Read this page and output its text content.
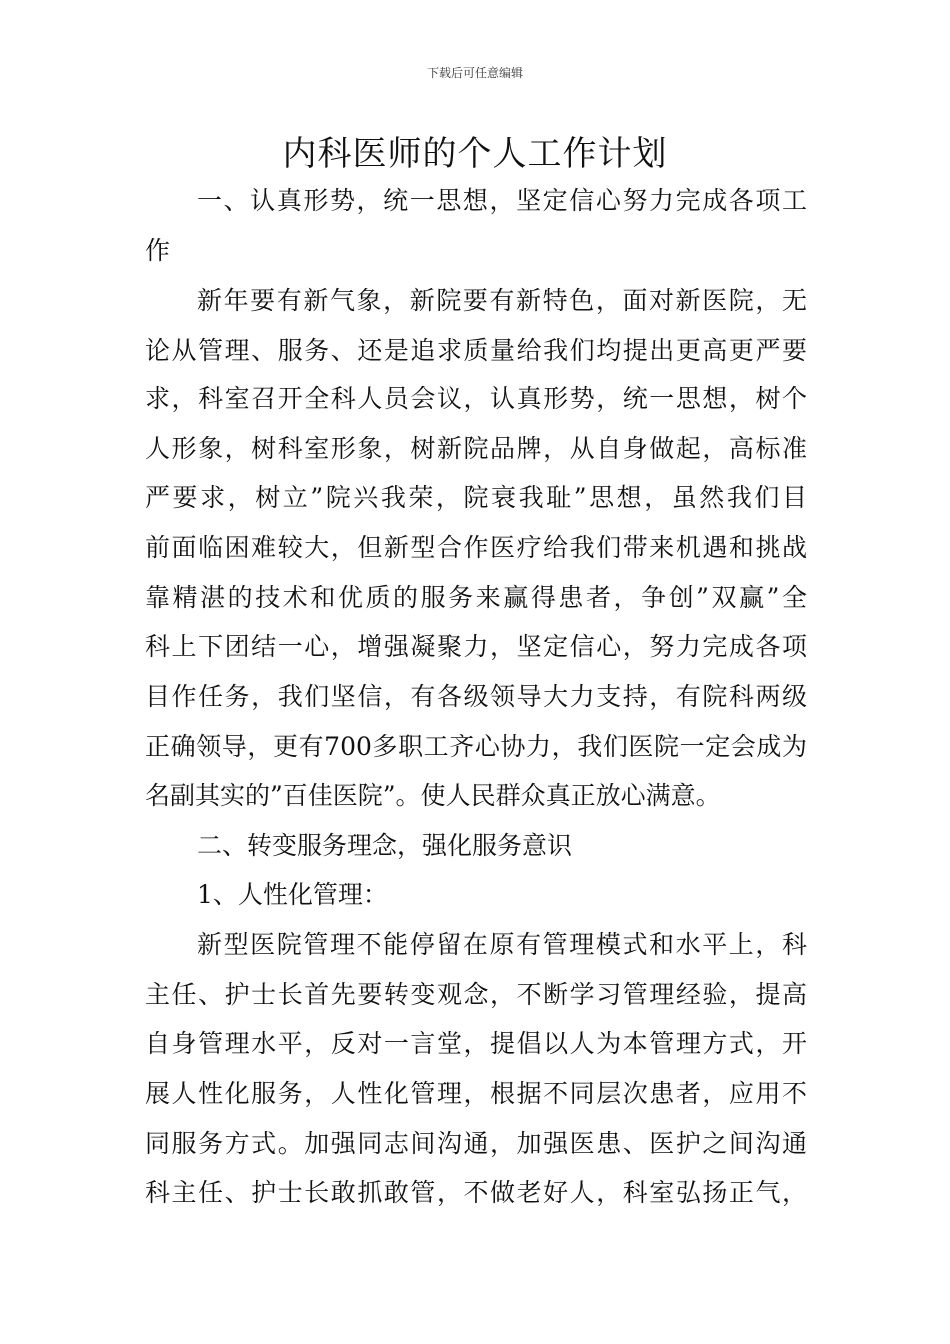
下载后可任意编辑
内科医师的个人工作计划
一、认真形势，统一思想，坚定信心努力完成各项工
作
新年要有新气象，新院要有新特色，面对新医院，无
论从管理、服务、还是追求质量给我们均提出更高更严要
求，科室召开全科人员会议，认真形势，统一思想，树个
人形象，树科室形象，树新院品牌，从自身做起，高标准
严要求，树立”院兴我荣，院衰我耻”思想，虽然我们目
前面临困难较大，但新型合作医疗给我们带来机遇和挑战
靠精湛的技术和优质的服务来赢得患者，争创”双赢”全
科上下团结一心，增强凝聚力，坚定信心，努力完成各项
目作任务，我们坚信，有各级领导大力支持，有院科两级
正确领导，更有700多职工齐心协力，我们医院一定会成为
名副其实的”百佳医院”。使人民群众真正放心满意。
二、转变服务理念，强化服务意识
1、人性化管理：
新型医院管理不能停留在原有管理模式和水平上，科
主任、护士长首先要转变观念，不断学习管理经验，提高
自身管理水平，反对一言堂，提倡以人为本管理方式，开
展人性化服务，人性化管理，根据不同层次患者，应用不
同服务方式。加强同志间沟通，加强医患、医护之间沟通
科主任、护士长敢抓敢管，不做老好人，科室弘扬正气，
